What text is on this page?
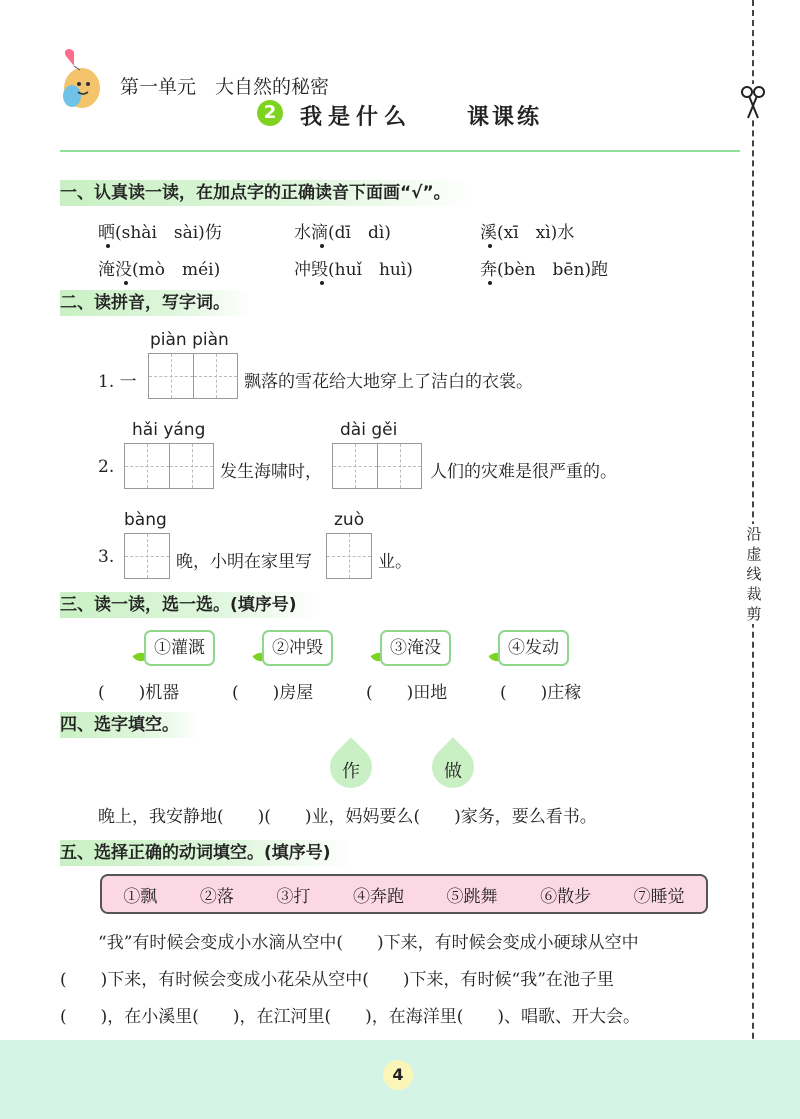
第一单元　大自然的秘密
2	我是什么 课课练
沿虚线裁剪
一、认真读一读，在加点字的正确读音下面画“√”。
晒(shài　sài)伤	水滴(dī　dì)	溪(xī　xì)水
淹没(mò　méi)	冲毁(huǐ　huì)	奔(bèn　bēn)跑
二、读拼音，写字词。
piàn piàn
1. 一	飘落的雪花给大地穿上了洁白的衣裳。
hǎi yáng
2.	发生海啸时，
dài gěi
人们的灾难是很严重的。
bàng
3.	晚，小明在家里写
zuò
业。
三、读一读，选一选。(填序号)
①灌溉	②冲毁	③淹没	④发动
(　　)机器	(　　)房屋	(　　)田地	(　　)庄稼
四、选字填空。
作	做
晚上，我安静地(　　)(　　)业，妈妈要么(　　)家务，要么看书。
五、选择正确的动词填空。(填序号)
①飘	②落	③打	④奔跑	⑤跳舞	⑥散步	⑦睡觉
“我”有时候会变成小水滴从空中(　　)下来，有时候会变成小硬球从空中
(　　)下来，有时候会变成小花朵从空中(　　)下来，有时候“我”在池子里
(　　)，在小溪里(　　)，在江河里(　　)，在海洋里(　　)、唱歌、开大会。
4
